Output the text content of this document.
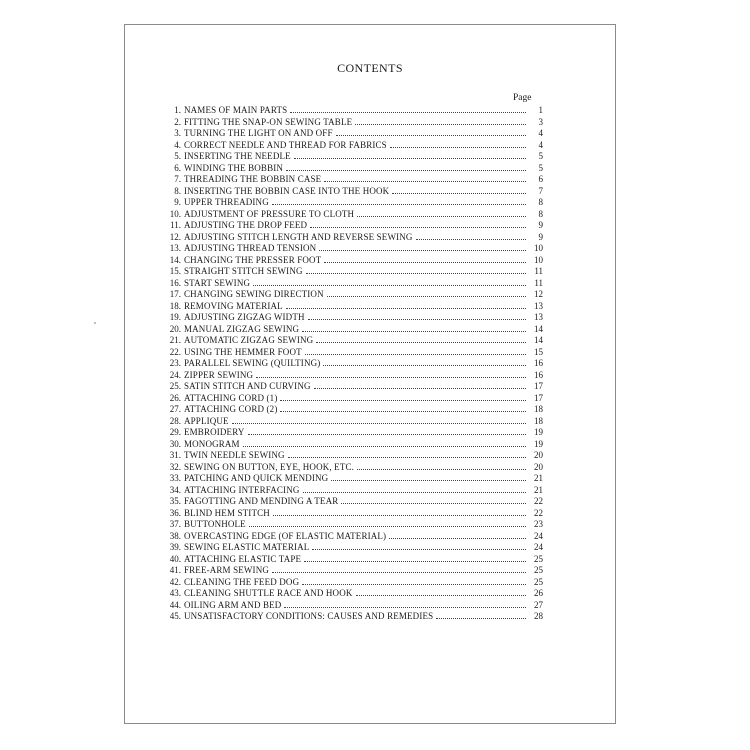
CONTENTS
Page
1. NAMES OF MAIN PARTS	1
2. FITTING THE SNAP-ON SEWING TABLE	3
3. TURNING THE LIGHT ON AND OFF	4
4. CORRECT NEEDLE AND THREAD FOR FABRICS	4
5. INSERTING THE NEEDLE	5
6. WINDING THE BOBBIN	5
7. THREADING THE BOBBIN CASE	6
8. INSERTING THE BOBBIN CASE INTO THE HOOK	7
9. UPPER THREADING	8
10. ADJUSTMENT OF PRESSURE TO CLOTH	8
11. ADJUSTING THE DROP FEED	9
12. ADJUSTING STITCH LENGTH AND REVERSE SEWING	9
13. ADJUSTING THREAD TENSION	10
14. CHANGING THE PRESSER FOOT	10
15. STRAIGHT STITCH SEWING	11
16. START SEWING	11
17. CHANGING SEWING DIRECTION	12
18. REMOVING MATERIAL	13
19. ADJUSTING ZIGZAG WIDTH	13
20. MANUAL ZIGZAG SEWING	14
21. AUTOMATIC ZIGZAG SEWING	14
22. USING THE HEMMER FOOT	15
23. PARALLEL SEWING (QUILTING)	16
24. ZIPPER SEWING	16
25. SATIN STITCH AND CURVING	17
26. ATTACHING CORD (1)	17
27. ATTACHING CORD (2)	18
28. APPLIQUE	18
29. EMBROIDERY	19
30. MONOGRAM	19
31. TWIN NEEDLE SEWING	20
32. SEWING ON BUTTON, EYE, HOOK, ETC.	20
33. PATCHING AND QUICK MENDING	21
34. ATTACHING INTERFACING	21
35. FAGOTTING AND MENDING A TEAR	22
36. BLIND HEM STITCH	22
37. BUTTONHOLE	23
38. OVERCASTING EDGE (OF ELASTIC MATERIAL)	24
39. SEWING ELASTIC MATERIAL	24
40. ATTACHING ELASTIC TAPE	25
41. FREE-ARM SEWING	25
42. CLEANING THE FEED DOG	25
43. CLEANING SHUTTLE RACE AND HOOK	26
44. OILING ARM AND BED	27
45. UNSATISFACTORY CONDITIONS: CAUSES AND REMEDIES	28
